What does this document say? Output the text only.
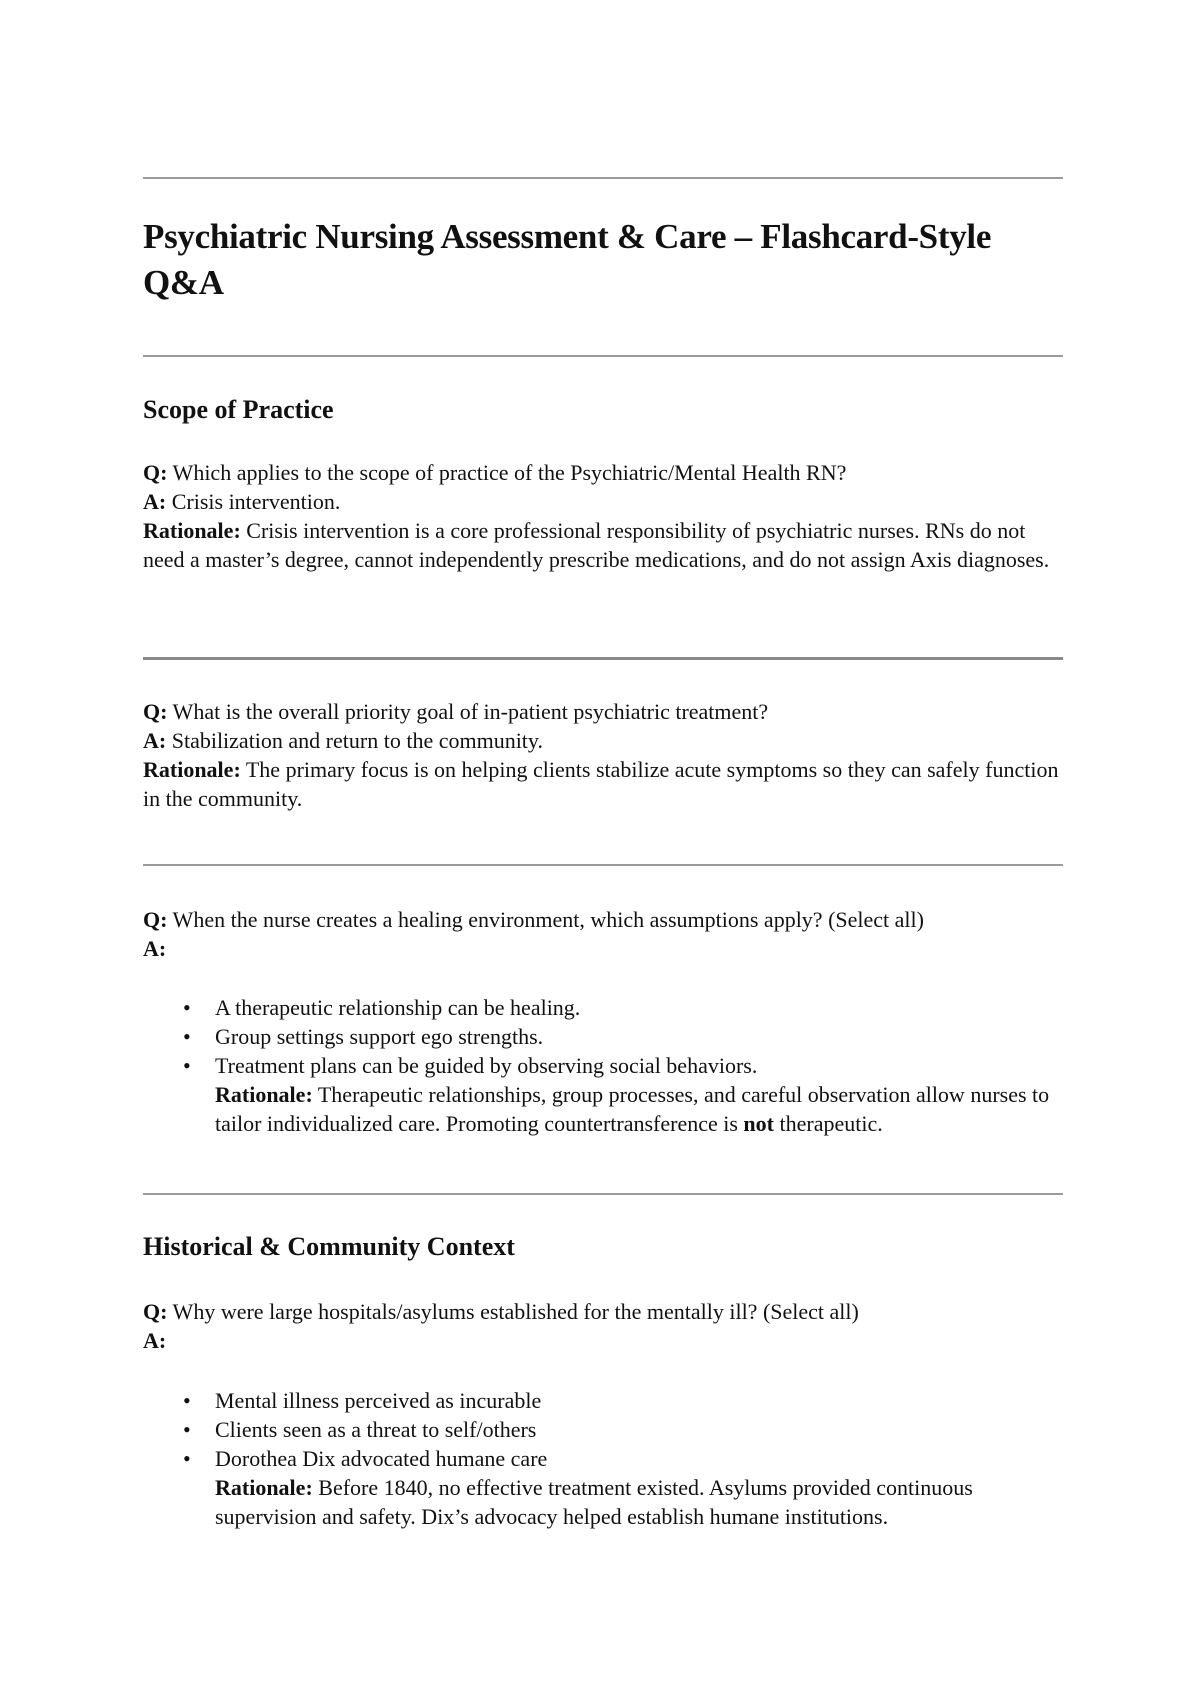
Psychiatric Nursing Assessment & Care – Flashcard-Style Q&A
Scope of Practice

Q: Which applies to the scope of practice of the Psychiatric/Mental Health RN?

A: Crisis intervention.

Rationale: Crisis intervention is a core professional responsibility of psychiatric nurses. RNs do not need a master’s degree, cannot independently prescribe medications, and do not assign Axis diagnoses.

Q: What is the overall priority goal of in-patient psychiatric treatment?

A: Stabilization and return to the community.

Rationale: The primary focus is on helping clients stabilize acute symptoms so they can safely function in the community.

Q: When the nurse creates a healing environment, which assumptions apply? (Select all)

A:

• A therapeutic relationship can be healing.
• Group settings support ego strengths.
• Treatment plans can be guided by observing social behaviors.
Rationale: Therapeutic relationships, group processes, and careful observation allow nurses to tailor individualized care. Promoting countertransference is not therapeutic.
Historical & Community Context

Q: Why were large hospitals/asylums established for the mentally ill? (Select all)

A:

• Mental illness perceived as incurable
• Clients seen as a threat to self/others
• Dorothea Dix advocated humane care
Rationale: Before 1840, no effective treatment existed. Asylums provided continuous supervision and safety. Dix’s advocacy helped establish humane institutions.
